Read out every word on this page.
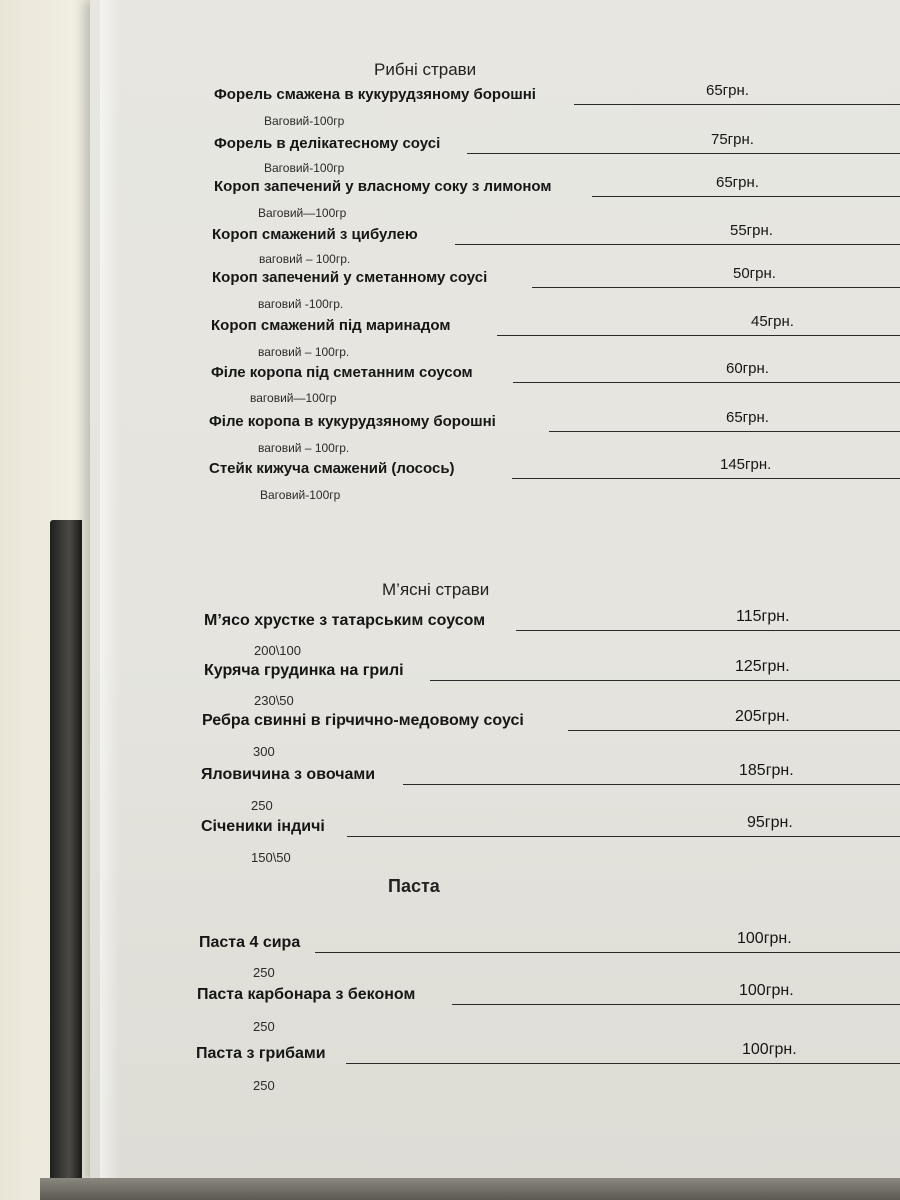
Рибні страви
Форель смажена в кукурудзяному борошні	65грн.
Ваговий-100гр
Форель в делікатесному соусі	75грн.
Ваговий-100гр
Короп запечений у власному соку з лимоном	65грн.
Ваговий—100гр
Короп смажений з цибулею	55грн.
ваговий – 100гр.
Короп запечений у сметанному соусі	50грн.
ваговий -100гр.
Короп смажений під маринадом	45грн.
ваговий – 100гр.
Філе коропа під сметанним соусом	60грн.
ваговий—100гр
Філе коропа в кукурудзяному борошні	65грн.
ваговий – 100гр.
Стейк кижуча смажений (лосось)	145грн.
Ваговий-100гр
М’ясні страви
М’ясо хрустке з татарським соусом	115грн.
200\100
Куряча грудинка на грилі	125грн.
230\50
Ребра свинні в гірчично-медовому соусі	205грн.
300
Яловичина з овочами	185грн.
250
Січеники індичі	95грн.
150\50
Паста
Паста 4 сира	100грн.
250
Паста карбонара з беконом	100грн.
250
Паста з грибами	100грн.
250
